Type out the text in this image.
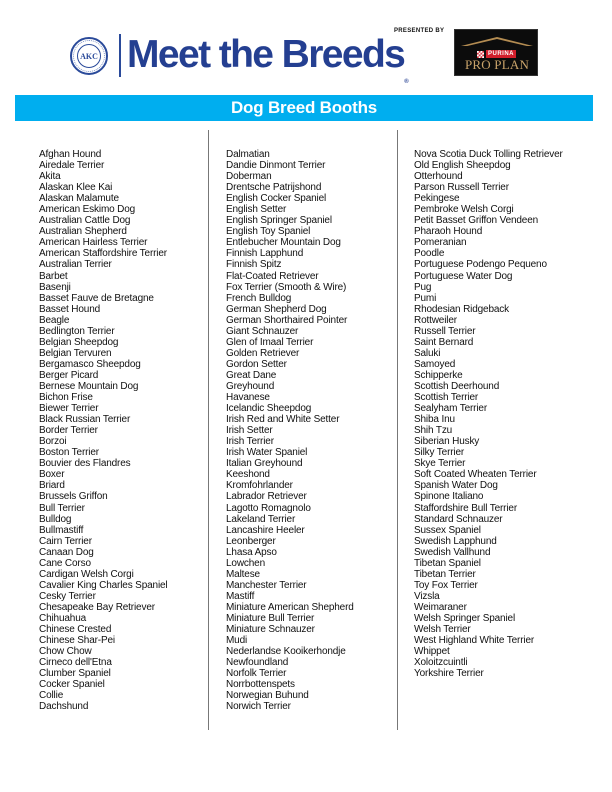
AKC Meet the Breeds®
PRESENTED BY
PURINA
PRO PLAN
Dog Breed Booths
Afghan Hound
Airedale Terrier
Akita
Alaskan Klee Kai
Alaskan Malamute
American Eskimo Dog
Australian Cattle Dog
Australian Shepherd
American Hairless Terrier
American Staffordshire Terrier
Australian Terrier
Barbet
Basenji
Basset Fauve de Bretagne
Basset Hound
Beagle
Bedlington Terrier
Belgian Sheepdog
Belgian Tervuren
Bergamasco Sheepdog
Berger Picard
Bernese Mountain Dog
Bichon Frise
Biewer Terrier
Black Russian Terrier
Border Terrier
Borzoi
Boston Terrier
Bouvier des Flandres
Boxer
Briard
Brussels Griffon
Bull Terrier
Bulldog
Bullmastiff
Cairn Terrier
Canaan Dog
Cane Corso
Cardigan Welsh Corgi
Cavalier King Charles Spaniel
Cesky Terrier
Chesapeake Bay Retriever
Chihuahua
Chinese Crested
Chinese Shar-Pei
Chow Chow
Cirneco dell'Etna
Clumber Spaniel
Cocker Spaniel
Collie
Dachshund
Dalmatian
Dandie Dinmont Terrier
Doberman
Drentsche Patrijshond
English Cocker Spaniel
English Setter
English Springer Spaniel
English Toy Spaniel
Entlebucher Mountain Dog
Finnish Lapphund
Finnish Spitz
Flat-Coated Retriever
Fox Terrier (Smooth & Wire)
French Bulldog
German Shepherd Dog
German Shorthaired Pointer
Giant Schnauzer
Glen of Imaal Terrier
Golden Retriever
Gordon Setter
Great Dane
Greyhound
Havanese
Icelandic Sheepdog
Irish Red and White Setter
Irish Setter
Irish Terrier
Irish Water Spaniel
Italian Greyhound
Keeshond
Kromfohrlander
Labrador Retriever
Lagotto Romagnolo
Lakeland Terrier
Lancashire Heeler
Leonberger
Lhasa Apso
Lowchen
Maltese
Manchester Terrier
Mastiff
Miniature American Shepherd
Miniature Bull Terrier
Miniature Schnauzer
Mudi
Nederlandse Kooikerhondje
Newfoundland
Norfolk Terrier
Norrbottenspets
Norwegian Buhund
Norwich Terrier
Nova Scotia Duck Tolling Retriever
Old English Sheepdog
Otterhound
Parson Russell Terrier
Pekingese
Pembroke Welsh Corgi
Petit Basset Griffon Vendeen
Pharaoh Hound
Pomeranian
Poodle
Portuguese Podengo Pequeno
Portuguese Water Dog
Pug
Pumi
Rhodesian Ridgeback
Rottweiler
Russell Terrier
Saint Bernard
Saluki
Samoyed
Schipperke
Scottish Deerhound
Scottish Terrier
Sealyham Terrier
Shiba Inu
Shih Tzu
Siberian Husky
Silky Terrier
Skye Terrier
Soft Coated Wheaten Terrier
Spanish Water Dog
Spinone Italiano
Staffordshire Bull Terrier
Standard Schnauzer
Sussex Spaniel
Swedish Lapphund
Swedish Vallhund
Tibetan Spaniel
Tibetan Terrier
Toy Fox Terrier
Vizsla
Weimaraner
Welsh Springer Spaniel
Welsh Terrier
West Highland White Terrier
Whippet
Xoloitzcuintli
Yorkshire Terrier
